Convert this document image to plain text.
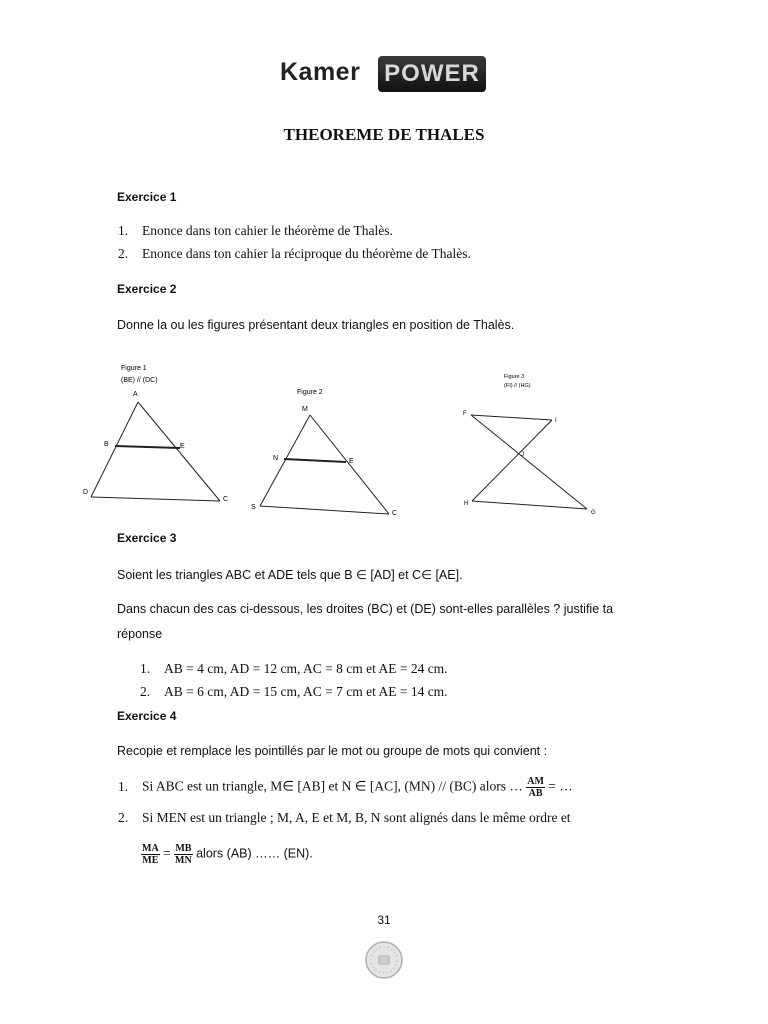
Kamer POWER
THEOREME DE THALES
Exercice 1
1. Enonce dans ton cahier le théorème de Thalès.
2. Enonce dans ton cahier la réciproque du théorème de Thalès.
Exercice 2
Donne la ou les figures présentant deux triangles en position de Thalès.
Figure 1
(BE) // (DC)
A
B	E
D
C
Figure 2
M
N	E
S
C
Figure 3
(FI) // (HG)
F
I
J
H
G
Exercice 3
Soient les triangles ABC et ADE tels que B ∈ [AD] et C∈ [AE].
Dans chacun des cas ci-dessous, les droites (BC) et (DE) sont-elles parallèles ? justifie ta
réponse
1. AB = 4 cm, AD = 12 cm, AC = 8 cm et AE = 24 cm.
2. AB = 6 cm, AD = 15 cm, AC = 7 cm et AE = 14 cm.
Exercice 4
Recopie et remplace les pointillés par le mot ou groupe de mots qui convient :
1. Si ABC est un triangle, M∈ [AB] et N ∈ [AC], (MN) // (BC) alors … $\frac{AM}{AB}$ = …
2. Si MEN est un triangle ; M, A, E et M, B, N sont alignés dans le même ordre et
$\frac{MA}{ME} = \frac{MB}{MN}$ alors (AB) …… (EN).
31
